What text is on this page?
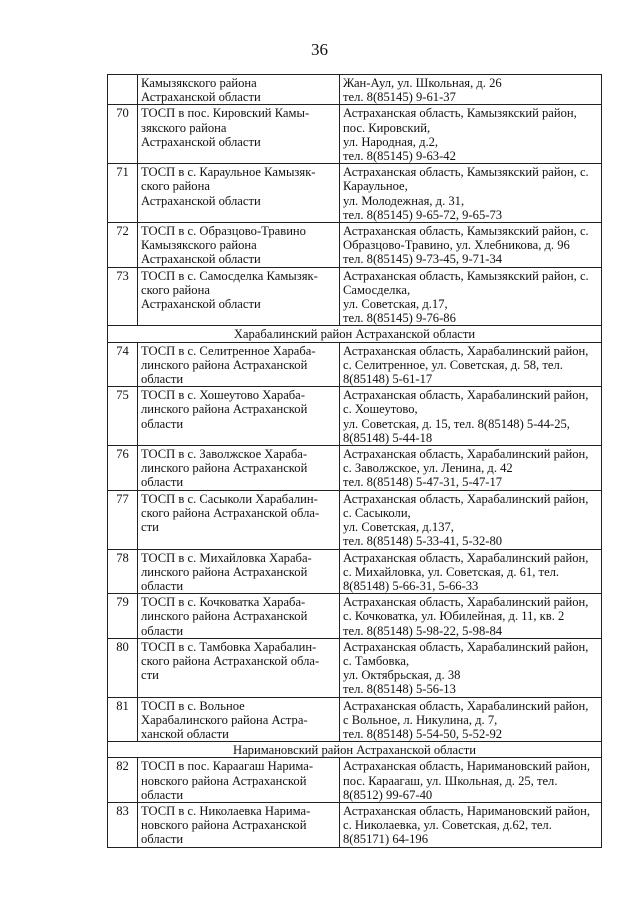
36

	Камызякского района
Астраханской области	Жан-Аул, ул. Школьная, д. 26
тел. 8(85145) 9-61-37

70	ТОСП в пос. Кировский Камы-
зякского района
Астраханской области	Астраханская область, Камызякский район,
пос. Кировский,
ул. Народная, д.2,
тел. 8(85145) 9-63-42

71	ТОСП в с. Караульное Камызяк-
ского района
Астраханской области	Астраханская область, Камызякский район, с.
Караульное,
ул. Молодежная, д. 31,
тел. 8(85145) 9-65-72, 9-65-73

72	ТОСП в с. Образцово-Травино
Камызякского района
Астраханской области	Астраханская область, Камызякский район, с.
Образцово-Травино, ул. Хлебникова, д. 96
тел. 8(85145) 9-73-45, 9-71-34

73	ТОСП в с. Самосделка Камызяк-
ского района
Астраханской области	Астраханская область, Камызякский район, с.
Самосделка,
ул. Советская, д.17,
тел. 8(85145) 9-76-86

Харабалинский район Астраханской области		
74	ТОСП в с. Селитренное Хараба-
линского района Астраханской
области	Астраханская область, Харабалинский район,
с. Селитренное, ул. Советская, д. 58, тел.
8(85148) 5-61-17

75	ТОСП в с. Хошеутово Хараба-
линского района Астраханской
области	Астраханская область, Харабалинский район,
с. Хошеутово,
ул. Советская, д. 15, тел. 8(85148) 5-44-25,
8(85148) 5-44-18

76	ТОСП в с. Заволжское Хараба-
линского района Астраханской
области	Астраханская область, Харабалинский район,
с. Заволжское, ул. Ленина, д. 42
тел. 8(85148) 5-47-31, 5-47-17

77	ТОСП в с. Сасыколи Харабалин-
ского района Астраханской обла-
сти	Астраханская область, Харабалинский район,
с. Сасыколи,
ул. Советская, д.137,
тел. 8(85148) 5-33-41, 5-32-80

78	ТОСП в с. Михайловка Хараба-
линского района Астраханской
области	Астраханская область, Харабалинский район,
с. Михайловка, ул. Советская, д. 61, тел.
8(85148) 5-66-31, 5-66-33

79	ТОСП в с. Кочковатка Хараба-
линского района Астраханской
области	Астраханская область, Харабалинский район,
с. Кочковатка, ул. Юбилейная, д. 11, кв. 2
тел. 8(85148) 5-98-22, 5-98-84

80	ТОСП в с. Тамбовка Харабалин-
ского района Астраханской обла-
сти	Астраханская область, Харабалинский район,
с. Тамбовка,
ул. Октябрьская, д. 38
тел. 8(85148) 5-56-13

81	ТОСП в с. Вольное
Харабалинского района Астра-
ханской области	Астраханская область, Харабалинский район,
с Вольное, л. Никулина, д. 7,
тел. 8(85148) 5-54-50, 5-52-92

Наримановский район Астраханской области		
82	ТОСП в пос. Караагаш Нарима-
новского района Астраханской
области	Астраханская область, Наримановский район,
пос. Караагаш, ул. Школьная, д. 25, тел.
8(8512) 99-67-40

83	ТОСП в с. Николаевка Нарима-
новского района Астраханской
области	Астраханская область, Наримановский район,
с. Николаевка, ул. Советская, д.62, тел.
8(85171) 64-196
